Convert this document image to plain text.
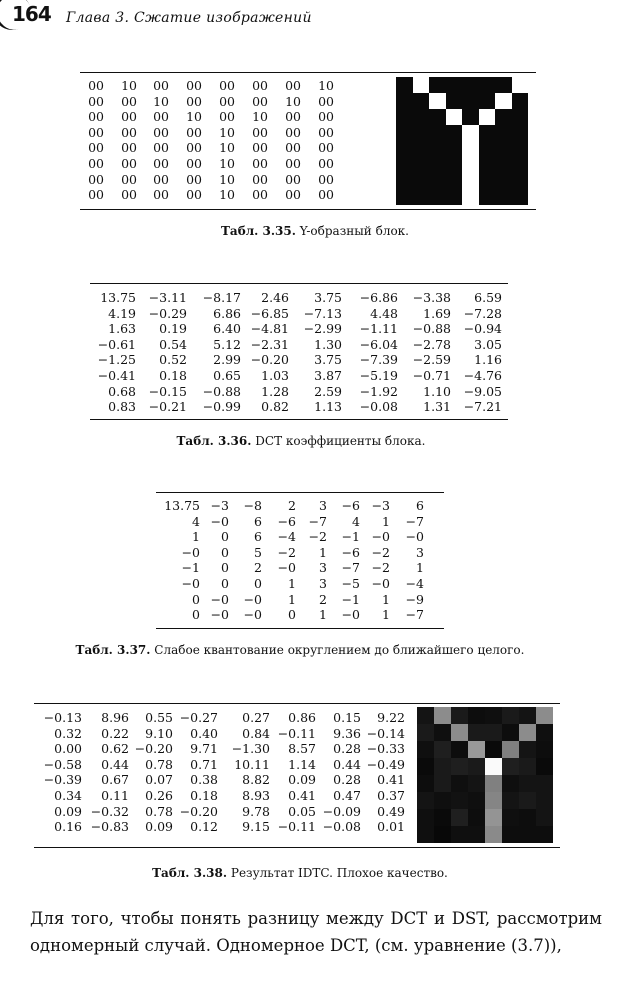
164 Глава 3. Сжатие изображений
00	10	00	00	00	00	00	10
00	00	10	00	00	00	10	00
00	00	00	10	00	10	00	00
00	00	00	00	10	00	00	00
00	00	00	00	10	00	00	00
00	00	00	00	10	00	00	00
00	00	00	00	10	00	00	00
00	00	00	00	10	00	00	00
Табл. 3.35. Y-образный блок.
13.75	−3.11	−8.17	2.46	3.75	−6.86	−3.38	6.59
4.19	−0.29	6.86	−6.85	−7.13	4.48	1.69	−7.28
1.63	0.19	6.40	−4.81	−2.99	−1.11	−0.88	−0.94
−0.61	0.54	5.12	−2.31	1.30	−6.04	−2.78	3.05
−1.25	0.52	2.99	−0.20	3.75	−7.39	−2.59	1.16
−0.41	0.18	0.65	1.03	3.87	−5.19	−0.71	−4.76
0.68	−0.15	−0.88	1.28	2.59	−1.92	1.10	−9.05
0.83	−0.21	−0.99	0.82	1.13	−0.08	1.31	−7.21
Табл. 3.36. DCT коэффициенты блока.
13.75	−3	−8	2	3	−6	−3	6
4	−0	6	−6	−7	4	1	−7
1	0	6	−4	−2	−1	−0	−0
−0	0	5	−2	1	−6	−2	3
−1	0	2	−0	3	−7	−2	1
−0	0	0	1	3	−5	−0	−4
0	−0	−0	1	2	−1	1	−9
0	−0	−0	0	1	−0	1	−7
Табл. 3.37. Слабое квантование округлением до ближайшего целого.
−0.13	8.96	0.55	−0.27	0.27	0.86	0.15	9.22
0.32	0.22	9.10	0.40	0.84	−0.11	9.36	−0.14
0.00	0.62	−0.20	9.71	−1.30	8.57	0.28	−0.33
−0.58	0.44	0.78	0.71	10.11	1.14	0.44	−0.49
−0.39	0.67	0.07	0.38	8.82	0.09	0.28	0.41
0.34	0.11	0.26	0.18	8.93	0.41	0.47	0.37
0.09	−0.32	0.78	−0.20	9.78	0.05	−0.09	0.49
0.16	−0.83	0.09	0.12	9.15	−0.11	−0.08	0.01
Табл. 3.38. Результат IDTC. Плохое качество.
Для того, чтобы понять разницу между DCT и DST, рассмотрим одномерный случай. Одномерное DCT, (см. уравнение (3.7)),
